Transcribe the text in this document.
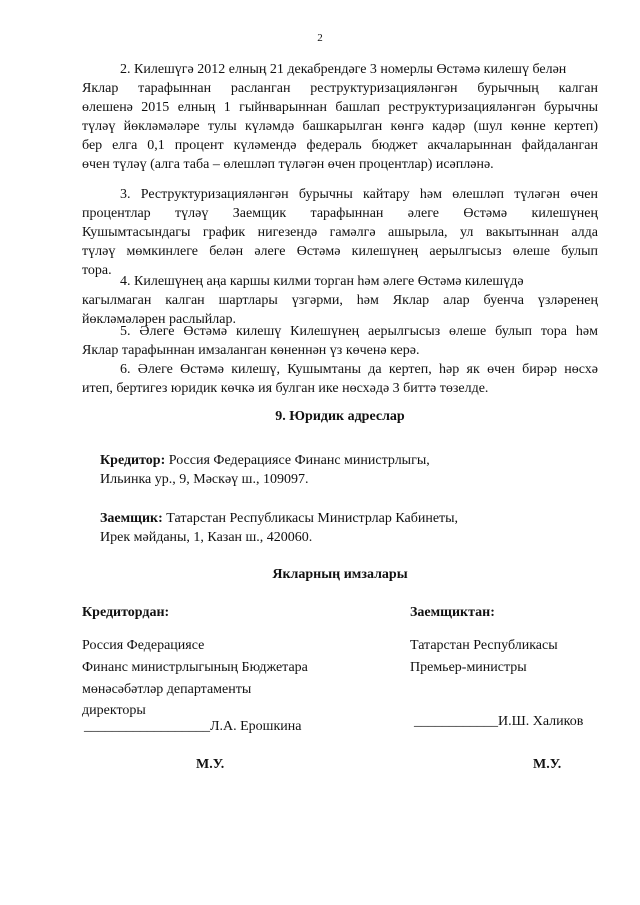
2
2. Килешүгә 2012 елның 21 декабрендәге 3 номерлы Өстәмә килешү белән
Яклар тарафыннан расланган реструктуризацияләнгән бурычның калган
өлешенә 2015 елның 1 гыйнварыннан башлап реструктуризацияләнгән бурычны
түләү йөкләмәләре тулы күләмдә башкарылган көнгә кадәр (шул көнне кертеп)
бер елга 0,1 процент күләмендә федераль бюджет акчаларыннан файдаланган
өчен түләү (алга таба – өлешләп түләгән өчен процентлар) исәпләнә.
3. Реструктуризацияләнгән бурычны кайтару һәм өлешләп түләгән өчен
процентлар түләү Заемщик тарафыннан әлеге Өстәмә килешүнең
Кушымтасындагы график нигезендә гамәлгә ашырыла, ул вакытыннан алда
түләү мөмкинлеге белән әлеге Өстәмә килешүнең аерылгысыз өлеше булып
тора.
4. Килешүнең аңа каршы килми торган һәм әлеге Өстәмә килешүдә
кагылмаган калган шартлары үзгәрми, һәм Яклар алар буенча үзләренең
йөкләмәләрен раслыйлар.
5. Әлеге Өстәмә килешү Килешүнең аерылгысыз өлеше булып тора һәм
Яклар тарафыннан имзаланган көненнән үз көченә керә.
6. Әлеге Өстәмә килешү, Кушымтаны да кертеп, һәр як өчен бирәр нөсхә
итеп, бертигез юридик көчкә ия булган ике нөсхәдә 3 биттә төзелде.
9. Юридик адреслар
Кредитор: Россия Федерациясе Финанс министрлыгы,
Ильинка ур., 9, Мәскәү ш., 109097.
Заемщик: Татарстан Республикасы Министрлар Кабинеты,
Ирек мәйданы, 1, Казан ш., 420060.
Якларның имзалары
Кредитордан:
Россия Федерациясе
Финанс министрлыгының Бюджетара
мөнәсәбәтләр департаменты
директоры
__________________Л.А. Ерошкина
М.У.
Заемщиктан:
Татарстан Республикасы
Премьер-министры
____________И.Ш. Халиков
М.У.
